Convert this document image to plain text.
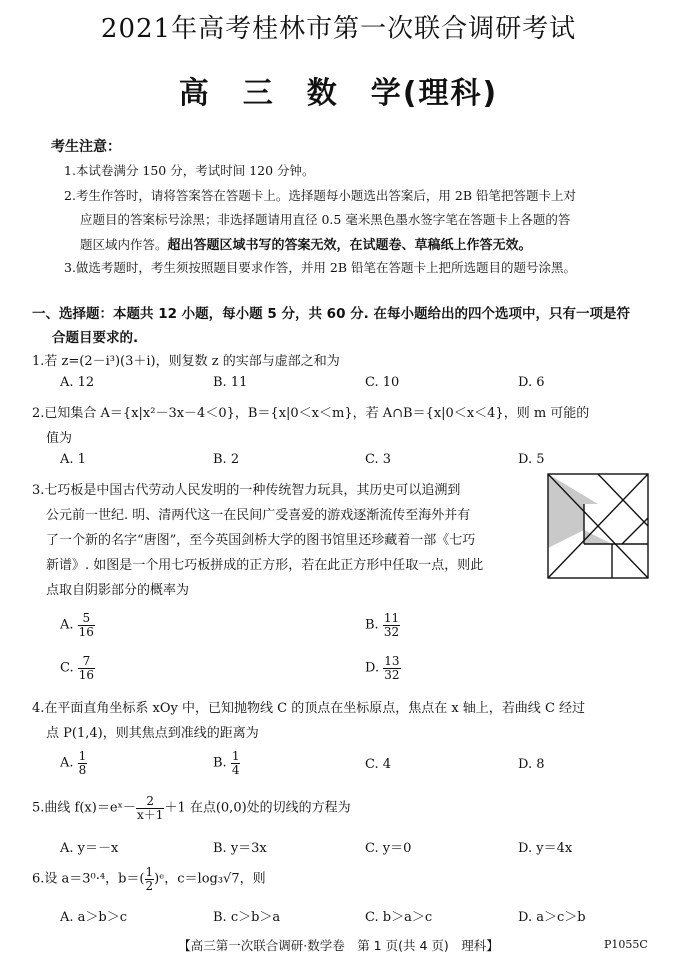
2021年高考桂林市第一次联合调研考试
高　三　数　学(理科)
考生注意：
1.本试卷满分 150 分，考试时间 120 分钟。
2.考生作答时，请将答案答在答题卡上。选择题每小题选出答案后，用 2B 铅笔把答题卡上对
应题目的答案标号涂黑；非选择题请用直径 0.5 毫米黑色墨水签字笔在答题卡上各题的答
题区域内作答。超出答题区域书写的答案无效，在试题卷、草稿纸上作答无效。
3.做选考题时，考生须按照题目要求作答，并用 2B 铅笔在答题卡上把所选题目的题号涂黑。
一、选择题：本题共 12 小题，每小题 5 分，共 60 分. 在每小题给出的四个选项中，只有一项是符
合题目要求的.
1.若 z=(2－i³)(3＋i)，则复数 z 的实部与虚部之和为
A. 12	B. 11	C. 10	D. 6
2.已知集合 A＝{x|x²－3x－4＜0}，B＝{x|0＜x＜m}，若 A∩B＝{x|0＜x＜4}，则 m 可能的
值为
A. 1	B. 2	C. 3	D. 5
3.七巧板是中国古代劳动人民发明的一种传统智力玩具，其历史可以追溯到
公元前一世纪. 明、清两代这一在民间广受喜爱的游戏逐渐流传至海外并有
了一个新的名字“唐图”，至今英国剑桥大学的图书馆里还珍藏着一部《七巧
新谱》. 如图是一个用七巧板拼成的正方形，若在此正方形中任取一点，则此
点取自阴影部分的概率为
A. $\frac{5}{16}$	B. $\frac{11}{32}$
C. $\frac{7}{16}$	D. $\frac{13}{32}$
4.在平面直角坐标系 xOy 中，已知抛物线 C 的顶点在坐标原点，焦点在 x 轴上，若曲线 C 经过
点 P(1,4)，则其焦点到准线的距离为
A. $\frac{1}{8}$	B. $\frac{1}{4}$	C. 4	D. 8
5.曲线 f(x)＝eˣ－ $\frac{2}{x+1} +1$ 在点(0,0)处的切线的方程为
A. y＝－x	B. y＝3x	C. y＝0	D. y＝4x
6.设 a＝3⁰·⁴，$b=( \frac{1}{2}$ )ᵉ，c＝log₃√7，则
A. a＞b＞c	B. c＞b＞a	C. b＞a＞c	D. a＞c＞b
【高三第一次联合调研·数学卷　第 1 页(共 4 页)　理科】	P1055C
